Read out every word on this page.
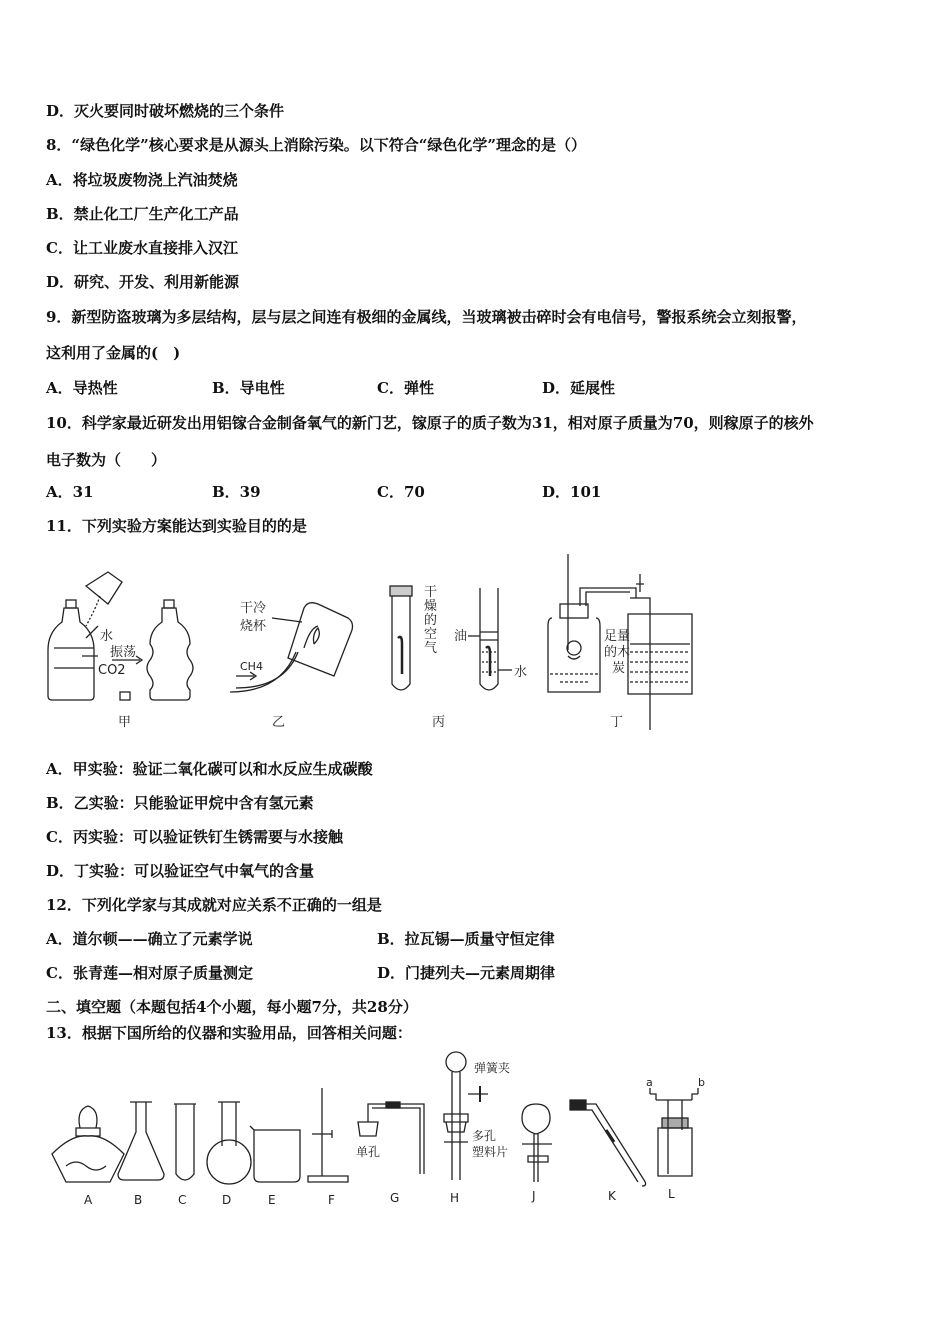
D．灭火要同时破坏燃烧的三个条件
8．“绿色化学”核心要求是从源头上消除污染。以下符合“绿色化学”理念的是（）
A．将垃圾废物浇上汽油焚烧
B．禁止化工厂生产化工产品
C．让工业废水直接排入汉江
D．研究、开发、利用新能源
9．新型防盗玻璃为多层结构，层与层之间连有极细的金属线，当玻璃被击碎时会有电信号，警报系统会立刻报警，
这利用了金属的(　)
A．导热性	B．导电性	C．弹性	D．延展性
10．科学家最近研发出用铝镓合金制备氧气的新门艺，镓原子的质子数为31，相对原子质量为70，则稼原子的核外
电子数为（　　）
A．31	B．39	C．70	D．101
11．下列实验方案能达到实验目的的是
水
振荡
CO2
甲
干冷
烧杯
CH4
乙
干
燥
的
空
气
油
水
丙
足量
的木
炭
丁
A．甲实验：验证二氧化碳可以和水反应生成碳酸
B．乙实验：只能验证甲烷中含有氢元素
C．丙实验：可以验证铁钉生锈需要与水接触
D．丁实验：可以验证空气中氧气的含量
12．下列化学家与其成就对应关系不正确的一组是
A．道尔顿——确立了元素学说	B．拉瓦锡—质量守恒定律
C．张青莲—相对原子质量测定	D．门捷列夫—元素周期律
二、填空题（本题包括4个小题，每小题7分，共28分）
13．根据下国所给的仪器和实验用品，回答相关问题：
A	B	C	D	E	F	G	H	J	K	L
弹簧夹
单孔
多孔
塑料片
a	b
